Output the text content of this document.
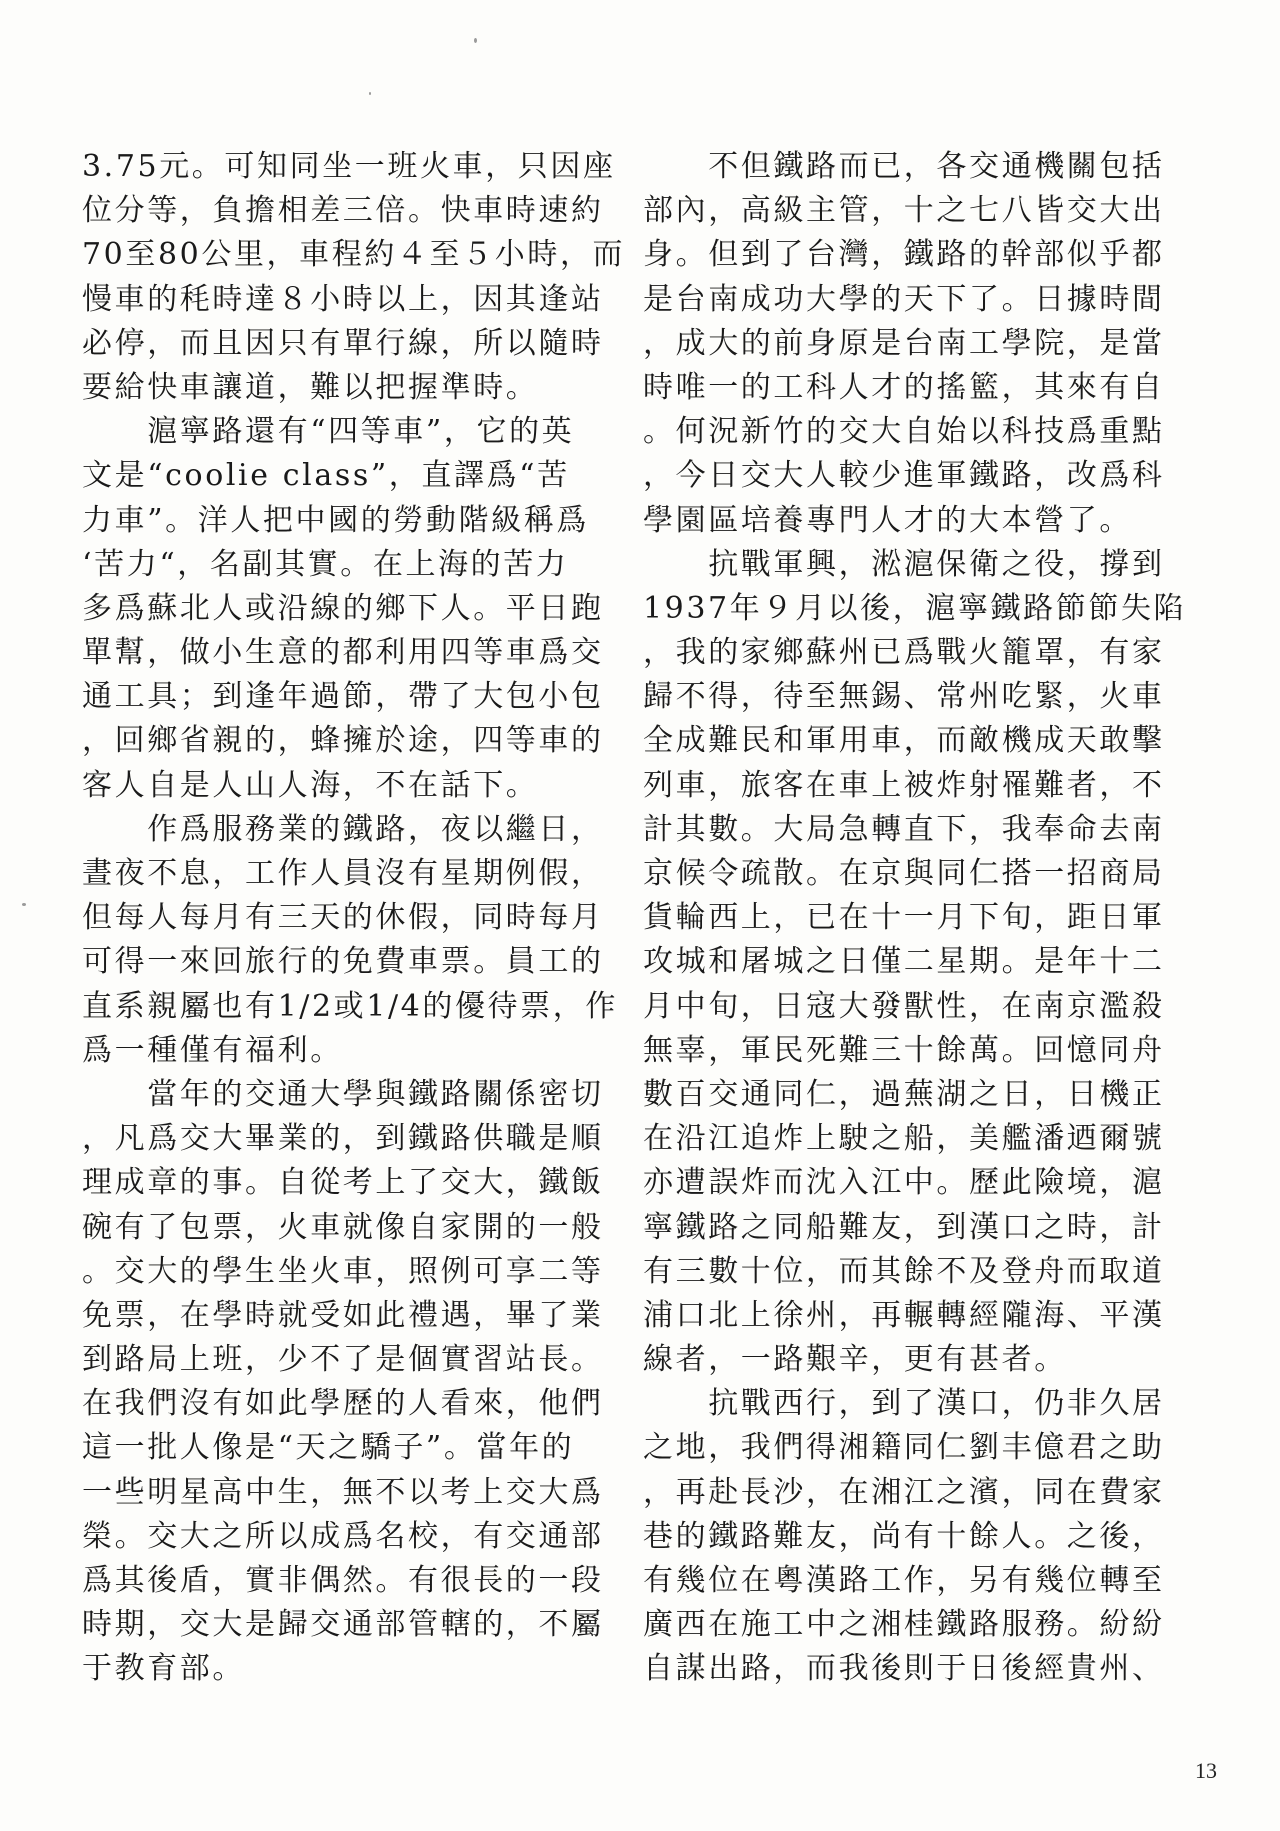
3.75元。可知同坐一班火車，只因座
位分等，負擔相差三倍。快車時速約
70至80公里，車程約４至５小時，而
慢車的秏時達８小時以上，因其逢站
必停，而且因只有單行線，所以隨時
要給快車讓道，難以把握準時。
　　滬寧路還有“四等車”，它的英
文是“coolie class”，直譯爲“苦
力車”。洋人把中國的勞動階級稱爲
‘苦力“，名副其實。在上海的苦力
多爲蘇北人或沿線的鄉下人。平日跑
單幫，做小生意的都利用四等車爲交
通工具；到逢年過節，帶了大包小包
，回鄉省親的，蜂擁於途，四等車的
客人自是人山人海，不在話下。
　　作爲服務業的鐵路，夜以繼日，
晝夜不息，工作人員沒有星期例假，
但每人每月有三天的休假，同時每月
可得一來回旅行的免費車票。員工的
直系親屬也有1/2或1/4的優待票，作
爲一種僅有福利。
　　當年的交通大學與鐵路關係密切
，凡爲交大畢業的，到鐵路供職是順
理成章的事。自從考上了交大，鐵飯
碗有了包票，火車就像自家開的一般
。交大的學生坐火車，照例可享二等
免票，在學時就受如此禮遇，畢了業
到路局上班，少不了是個實習站長。
在我們沒有如此學歷的人看來，他們
這一批人像是“天之驕子”。當年的
一些明星高中生，無不以考上交大爲
榮。交大之所以成爲名校，有交通部
爲其後盾，實非偶然。有很長的一段
時期，交大是歸交通部管轄的，不屬
于教育部。
　　不但鐵路而已，各交通機關包括
部內，高級主管，十之七八皆交大出
身。但到了台灣，鐵路的幹部似乎都
是台南成功大學的天下了。日據時間
，成大的前身原是台南工學院，是當
時唯一的工科人才的搖籃，其來有自
。何況新竹的交大自始以科技爲重點
，今日交大人較少進軍鐵路，改爲科
學園區培養專門人才的大本營了。
　　抗戰軍興，淞滬保衛之役，撐到
1937年９月以後，滬寧鐵路節節失陷
，我的家鄉蘇州已爲戰火籠罩，有家
歸不得，待至無錫、常州吃緊，火車
全成難民和軍用車，而敵機成天敢擊
列車，旅客在車上被炸射罹難者，不
計其數。大局急轉直下，我奉命去南
京候令疏散。在京與同仁搭一招商局
貨輪西上，已在十一月下旬，距日軍
攻城和屠城之日僅二星期。是年十二
月中旬，日寇大發獸性，在南京濫殺
無辜，軍民死難三十餘萬。回憶同舟
數百交通同仁，過蕪湖之日，日機正
在沿江追炸上駛之船，美艦潘迺爾號
亦遭誤炸而沈入江中。歷此險境，滬
寧鐵路之同船難友，到漢口之時，計
有三數十位，而其餘不及登舟而取道
浦口北上徐州，再輾轉經隴海、平漢
線者，一路艱辛，更有甚者。
　　抗戰西行，到了漢口，仍非久居
之地，我們得湘籍同仁劉丰億君之助
，再赴長沙，在湘江之濱，同在費家
巷的鐵路難友，尚有十餘人。之後，
有幾位在粵漢路工作，另有幾位轉至
廣西在施工中之湘桂鐵路服務。紛紛
自謀出路，而我後則于日後經貴州、
13
